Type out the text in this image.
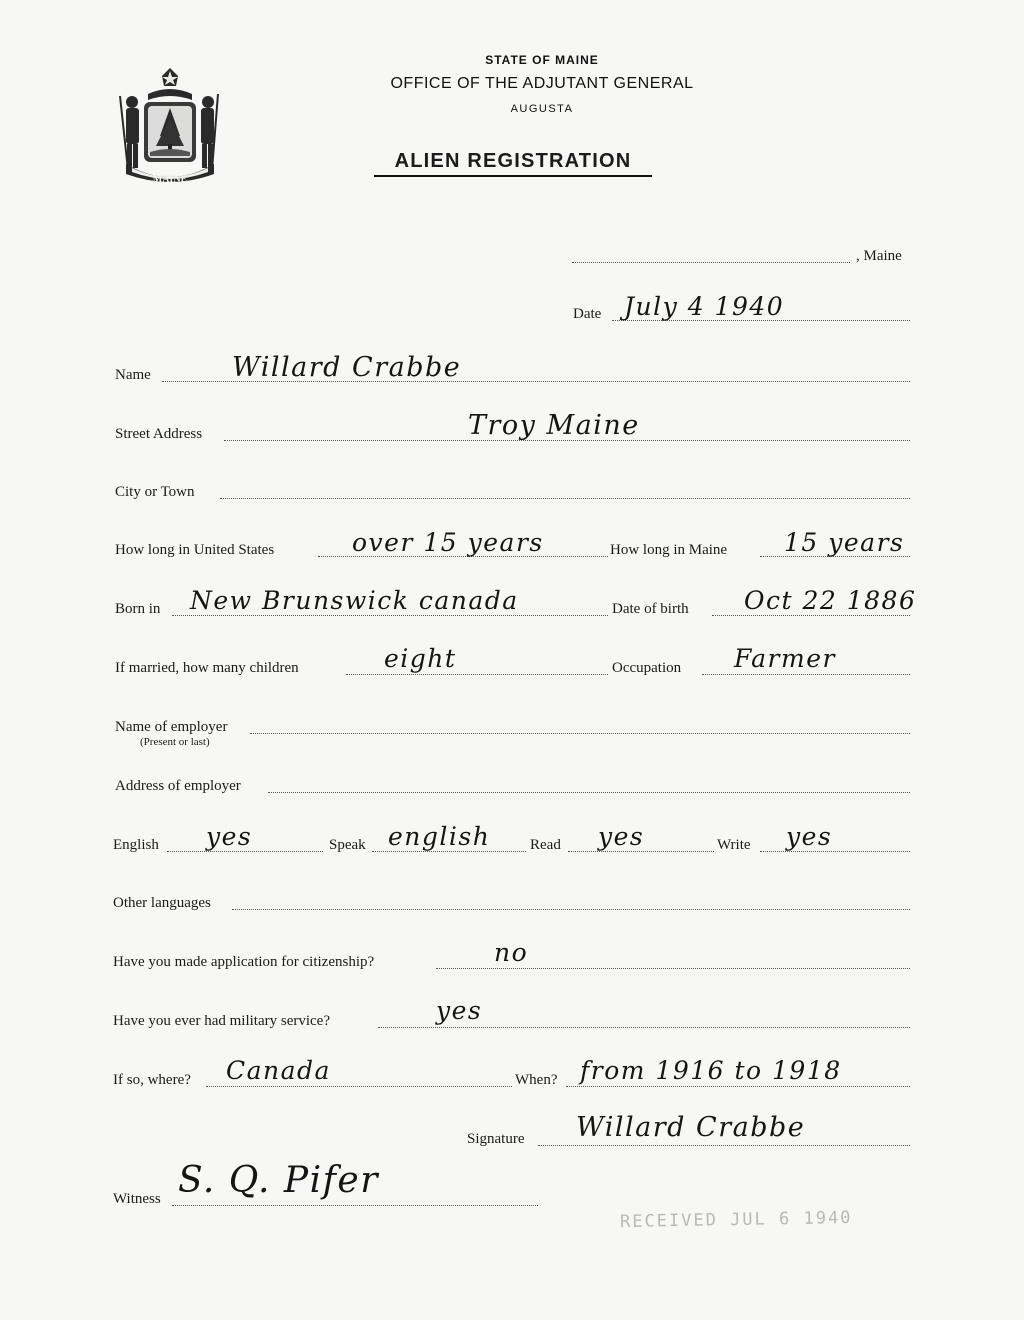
MAINE
STATE OF MAINE
OFFICE OF THE ADJUTANT GENERAL
AUGUSTA
ALIEN REGISTRATION
, Maine
Date July 4 1940
Name	Willard Crabbe
Street Address	Troy Maine
City or Town
How long in United States	over 15 years	How long in Maine 15 years
Born in New Brunswick canada	Date of birth Oct 22 1886
If married, how many children	eight	Occupation Farmer
Name of employer
(Present or last)
Address of employer
English yes	Speak english	Read yes	Write yes
Other languages
Have you made application for citizenship?	no
Have you ever had military service?	yes
If so, where? Canada	When? from 1916 to 1918
Signature Willard Crabbe
Witness S. Q. Pifer
RECEIVED JUL 6 1940
